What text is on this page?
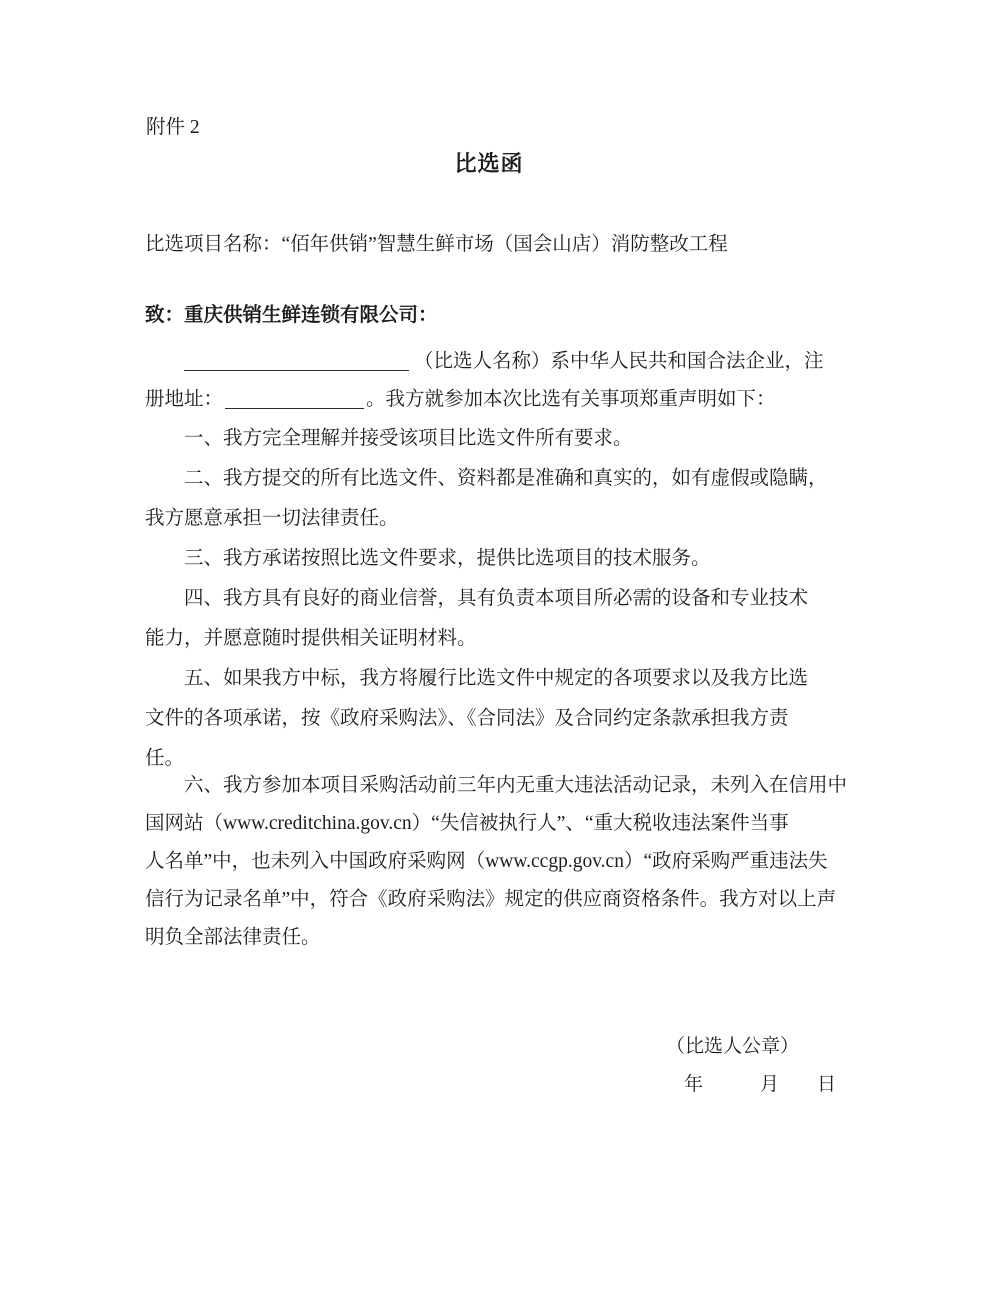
附件 2
比选函
比选项目名称：“佰年供销”智慧生鲜市场（国会山店）消防整改工程
致：重庆供销生鲜连锁有限公司：
（比选人名称）系中华人民共和国合法企业，注
册地址：	。我方就参加本次比选有关事项郑重声明如下：
一、我方完全理解并接受该项目比选文件所有要求。
二、我方提交的所有比选文件、资料都是准确和真实的，如有虚假或隐瞒，
我方愿意承担一切法律责任。
三、我方承诺按照比选文件要求，提供比选项目的技术服务。
四、我方具有良好的商业信誉，具有负责本项目所必需的设备和专业技术
能力，并愿意随时提供相关证明材料。
五、如果我方中标，我方将履行比选文件中规定的各项要求以及我方比选
文件的各项承诺，按《政府采购法》、《合同法》及合同约定条款承担我方责
任。
六、我方参加本项目采购活动前三年内无重大违法活动记录，未列入在信用中
国网站（www.creditchina.gov.cn）“失信被执行人”、“重大税收违法案件当事
人名单”中，也未列入中国政府采购网（www.ccgp.gov.cn）“政府采购严重违法失
信行为记录名单”中，符合《政府采购法》规定的供应商资格条件。我方对以上声
明负全部法律责任。
（比选人公章）
年　　　月　　日
